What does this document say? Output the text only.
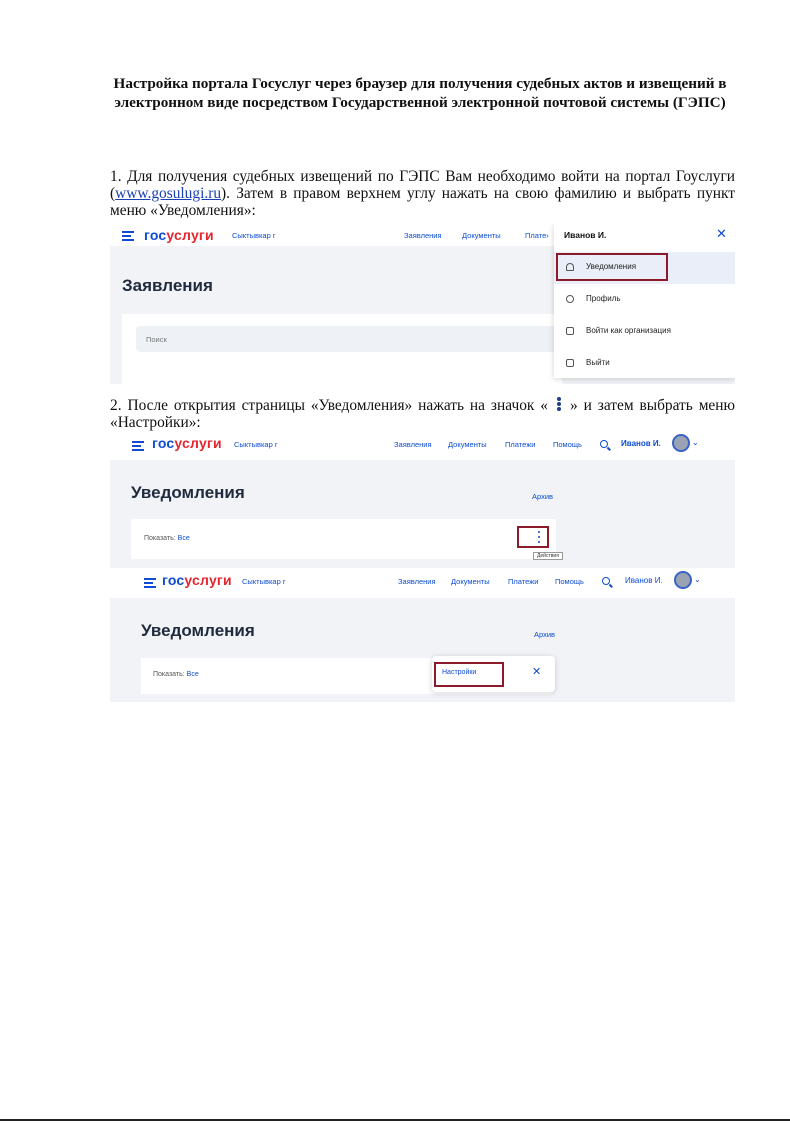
Настройка портала Госуслуг через браузер для получения судебных актов и извещений в электронном виде посредством Государственной электронной почтовой системы (ГЭПС)
1. Для получения судебных извещений по ГЭПС Вам необходимо войти на портал Гоуслуги (www.gosulugi.ru). Затем в правом верхнем углу нажать на свою фамилию и выбрать пункт меню «Уведомления»:
госуслуги Сыктывкар г	Заявления	Документы	Плате›
Заявления
Поиск
Иванов И.	✕
Уведомления
Профиль
Войти как организация
Выйти
2. После открытия страницы «Уведомления» нажать на значок « » и затем выбрать меню «Настройки»:
госуслуги Сыктывкар г	Заявления Документы Платежи Помощь	Иванов И.	⌄
Уведомления	Архив
Показать: Все
Действия
госуслуги Сыктывкар г	Заявления Документы Платежи Помощь	Иванов И.	⌄
Уведомления	Архив
Показать: Все	Настройки	✕
